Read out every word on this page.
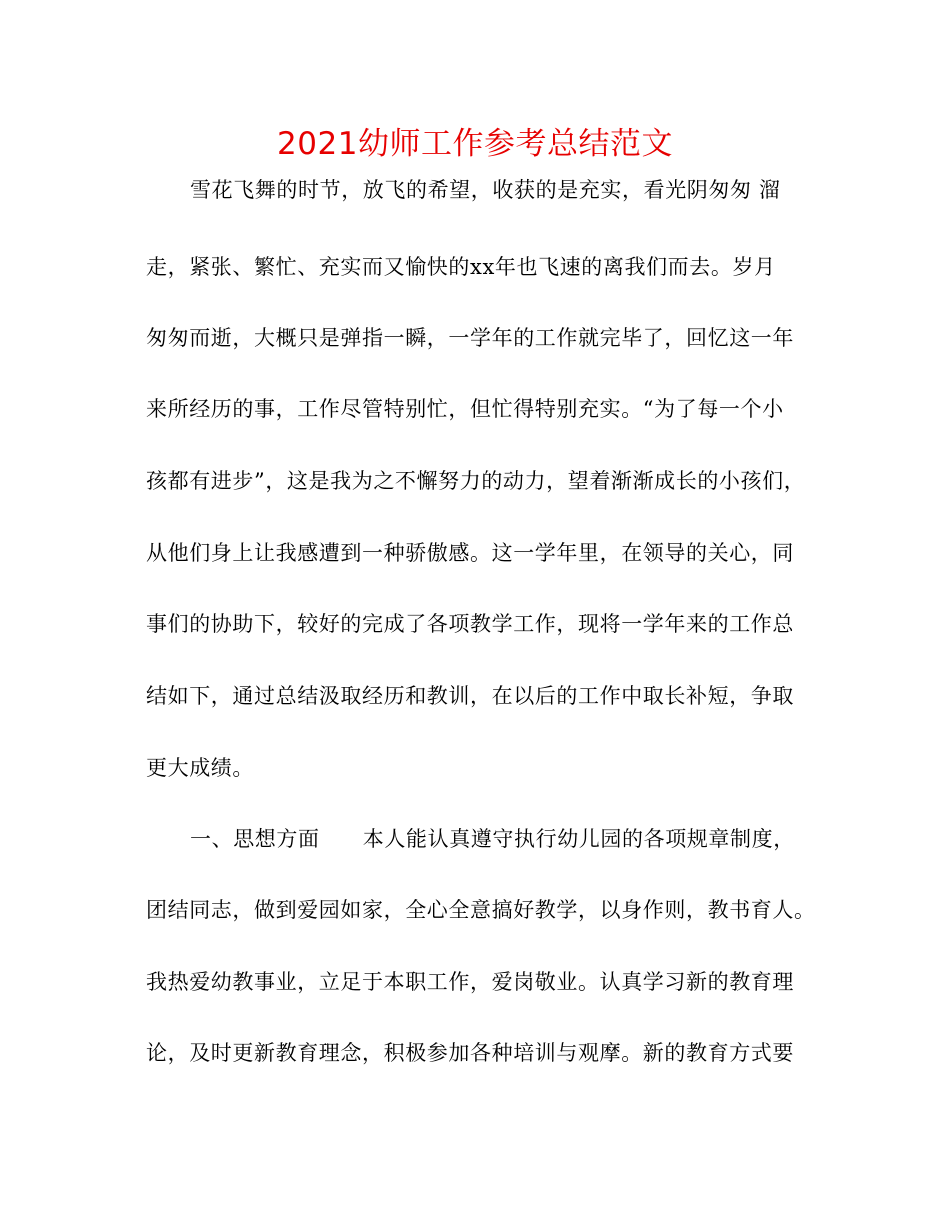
2021幼师工作参考总结范文
雪花飞舞的时节，放飞的希望，收获的是充实，看光阴匆匆 溜
走，紧张、繁忙、充实而又愉快的xx年也飞速的离我们而去。岁月
匆匆而逝，大概只是弹指一瞬，一学年的工作就完毕了，回忆这一年
来所经历的事，工作尽管特别忙，但忙得特别充实。“为了每一个小
孩都有进步”，这是我为之不懈努力的动力，望着渐渐成长的小孩们，
从他们身上让我感遭到一种骄傲感。这一学年里，在领导的关心，同
事们的协助下，较好的完成了各项教学工作，现将一学年来的工作总
结如下，通过总结汲取经历和教训，在以后的工作中取长补短，争取
更大成绩。
一、思想方面　　本人能认真遵守执行幼儿园的各项规章制度，
团结同志，做到爱园如家，全心全意搞好教学，以身作则，教书育人。
我热爱幼教事业，立足于本职工作，爱岗敬业。认真学习新的教育理
论，及时更新教育理念，积极参加各种培训与观摩。新的教育方式要
